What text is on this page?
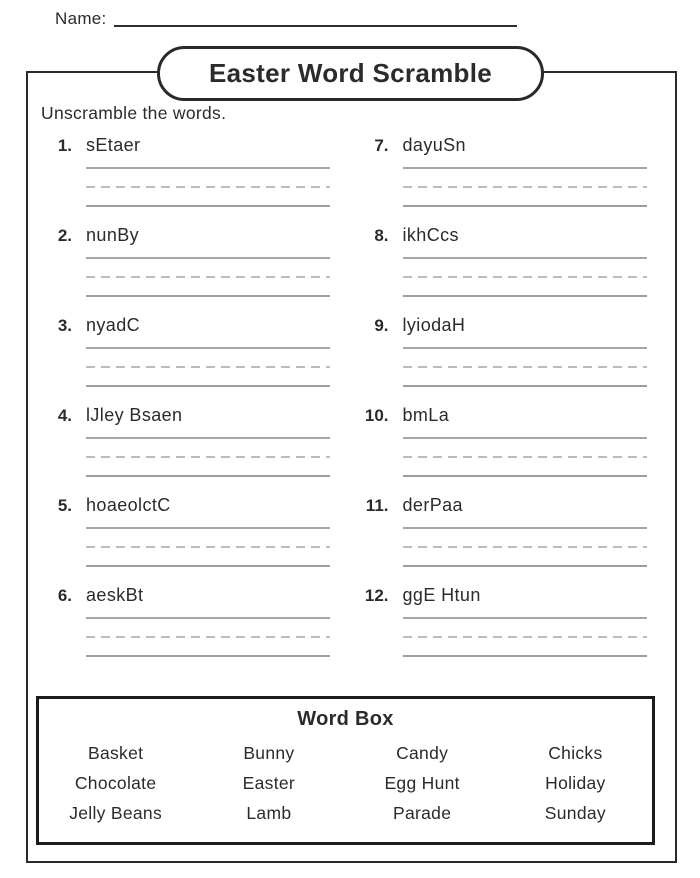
Name:
Easter Word Scramble
Unscramble the words.
1. sEtaer
2. nunBy
3. nyadC
4. lJley Bsaen
5. hoaeolctC
6. aeskBt
7. dayuSn
8. ikhCcs
9. lyiodaH
10. bmLa
11. derPaa
12. ggE Htun
Word Box
Basket	Bunny	Candy	Chicks
Chocolate	Easter	Egg Hunt	Holiday
Jelly Beans	Lamb	Parade	Sunday
